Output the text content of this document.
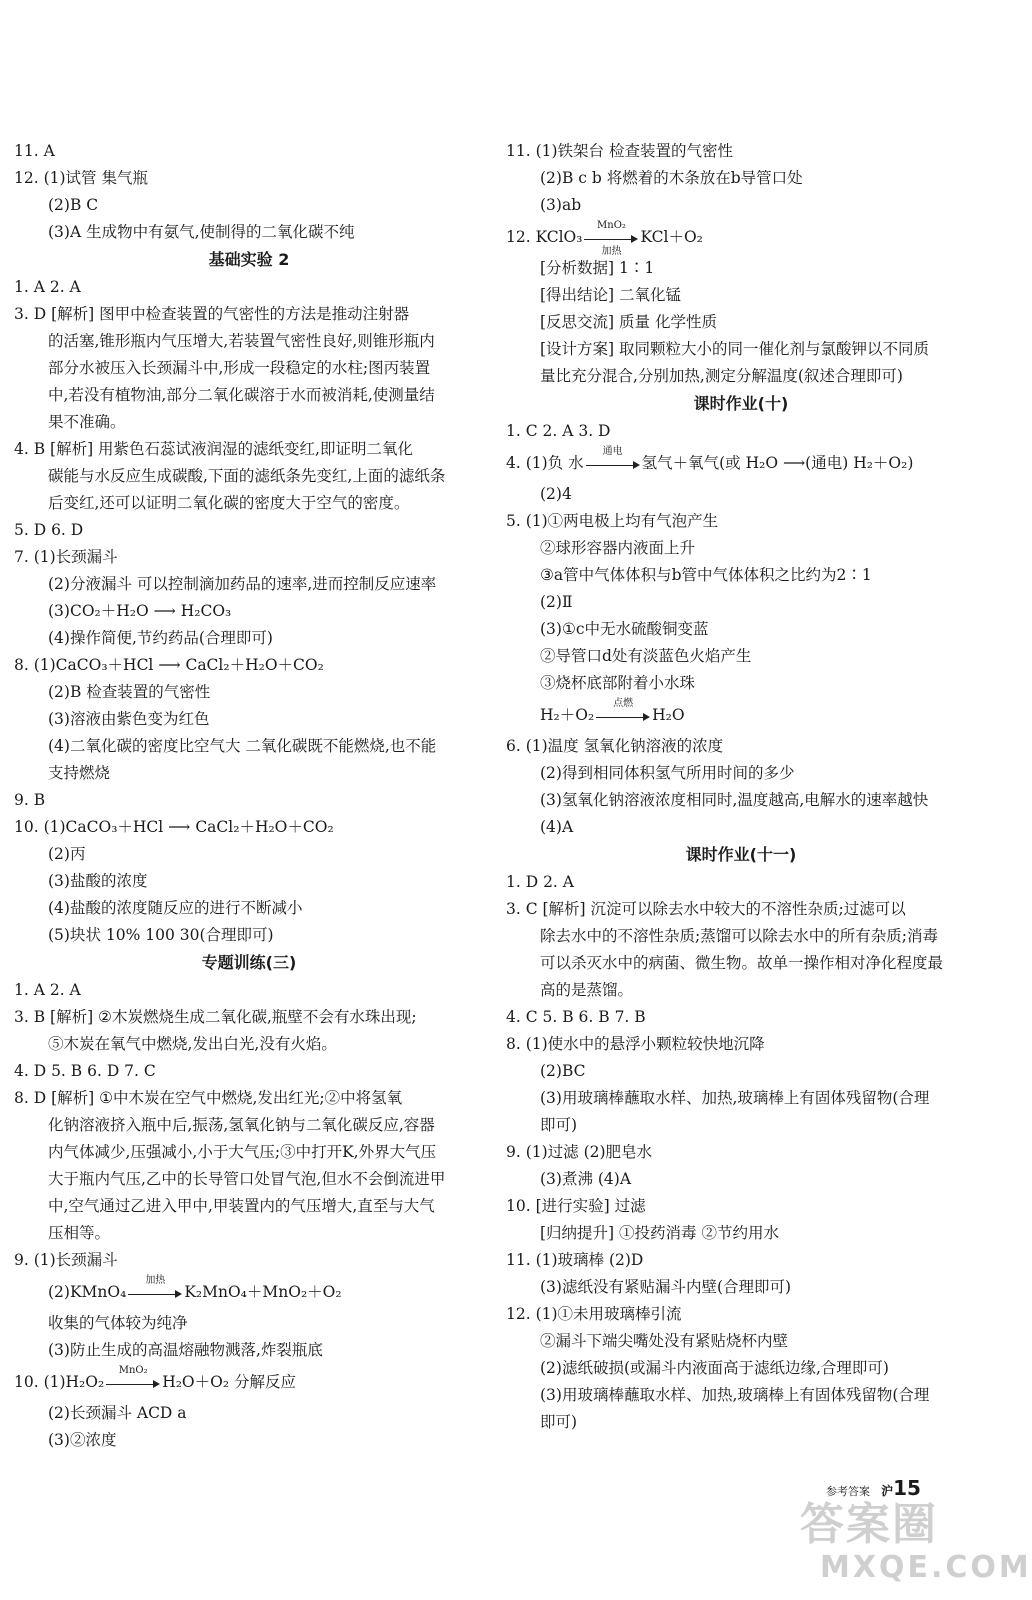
11. A
12. (1)试管 集气瓶
(2)B C
(3)A 生成物中有氨气,使制得的二氧化碳不纯
基础实验 2
1. A 2. A
3. D [解析] 图甲中检查装置的气密性的方法是推动注射器
的活塞,锥形瓶内气压增大,若装置气密性良好,则锥形瓶内
部分水被压入长颈漏斗中,形成一段稳定的水柱;图丙装置
中,若没有植物油,部分二氧化碳溶于水而被消耗,使测量结
果不准确。
4. B [解析] 用紫色石蕊试液润湿的滤纸变红,即证明二氧化
碳能与水反应生成碳酸,下面的滤纸条先变红,上面的滤纸条
后变红,还可以证明二氧化碳的密度大于空气的密度。
5. D 6. D
7. (1)长颈漏斗
(2)分液漏斗 可以控制滴加药品的速率,进而控制反应速率
(3)CO₂＋H₂O ⟶ H₂CO₃
(4)操作简便,节约药品(合理即可)
8. (1)CaCO₃＋HCl ⟶ CaCl₂＋H₂O＋CO₂
(2)B 检查装置的气密性
(3)溶液由紫色变为红色
(4)二氧化碳的密度比空气大 二氧化碳既不能燃烧,也不能
支持燃烧
9. B
10. (1)CaCO₃＋HCl ⟶ CaCl₂＋H₂O＋CO₂
(2)丙
(3)盐酸的浓度
(4)盐酸的浓度随反应的进行不断减小
(5)块状 10% 100 30(合理即可)
专题训练(三)
1. A 2. A
3. B [解析] ②木炭燃烧生成二氧化碳,瓶壁不会有水珠出现;
⑤木炭在氧气中燃烧,发出白光,没有火焰。
4. D 5. B 6. D 7. C
8. D [解析] ①中木炭在空气中燃烧,发出红光;②中将氢氧
化钠溶液挤入瓶中后,振荡,氢氧化钠与二氧化碳反应,容器
内气体减少,压强减小,小于大气压;③中打开K,外界大气压
大于瓶内气压,乙中的长导管口处冒气泡,但水不会倒流进甲
中,空气通过乙进入甲中,甲装置内的气压增大,直至与大气
压相等。
9. (1)长颈漏斗
(2)KMnO₄
加热
K₂MnO₄＋MnO₂＋O₂
收集的气体较为纯净
(3)防止生成的高温熔融物溅落,炸裂瓶底
10. (1)H₂O₂
MnO₂
H₂O＋O₂ 分解反应
(2)长颈漏斗 ACD a
(3)②浓度
11. (1)铁架台 检查装置的气密性
(2)B c b 将燃着的木条放在b导管口处
(3)ab
12. KClO₃
MnO₂
加热
KCl＋O₂
[分析数据] 1∶1
[得出结论] 二氧化锰
[反思交流] 质量 化学性质
[设计方案] 取同颗粒大小的同一催化剂与氯酸钾以不同质
量比充分混合,分别加热,测定分解温度(叙述合理即可)
课时作业(十)
1. C 2. A 3. D
4. (1)负 水
通电
氢气＋氧气(或 H₂O ⟶(通电) H₂＋O₂)
(2)4
5. (1)①两电极上均有气泡产生
②球形容器内液面上升
③a管中气体体积与b管中气体体积之比约为2∶1
(2)Ⅱ
(3)①c中无水硫酸铜变蓝
②导管口d处有淡蓝色火焰产生
③烧杯底部附着小水珠
H₂＋O₂
点燃
H₂O
6. (1)温度 氢氧化钠溶液的浓度
(2)得到相同体积氢气所用时间的多少
(3)氢氧化钠溶液浓度相同时,温度越高,电解水的速率越快
(4)A
课时作业(十一)
1. D 2. A
3. C [解析] 沉淀可以除去水中较大的不溶性杂质;过滤可以
除去水中的不溶性杂质;蒸馏可以除去水中的所有杂质;消毒
可以杀灭水中的病菌、微生物。故单一操作相对净化程度最
高的是蒸馏。
4. C 5. B 6. B 7. B
8. (1)使水中的悬浮小颗粒较快地沉降
(2)BC
(3)用玻璃棒蘸取水样、加热,玻璃棒上有固体残留物(合理
即可)
9. (1)过滤 (2)肥皂水
(3)煮沸 (4)A
10. [进行实验] 过滤
[归纳提升] ①投药消毒 ②节约用水
11. (1)玻璃棒 (2)D
(3)滤纸没有紧贴漏斗内壁(合理即可)
12. (1)①未用玻璃棒引流
②漏斗下端尖嘴处没有紧贴烧杯内壁
(2)滤纸破损(或漏斗内液面高于滤纸边缘,合理即可)
(3)用玻璃棒蘸取水样、加热,玻璃棒上有固体残留物(合理
即可)
参考答案 沪15
答案圈
MXQE.COM
